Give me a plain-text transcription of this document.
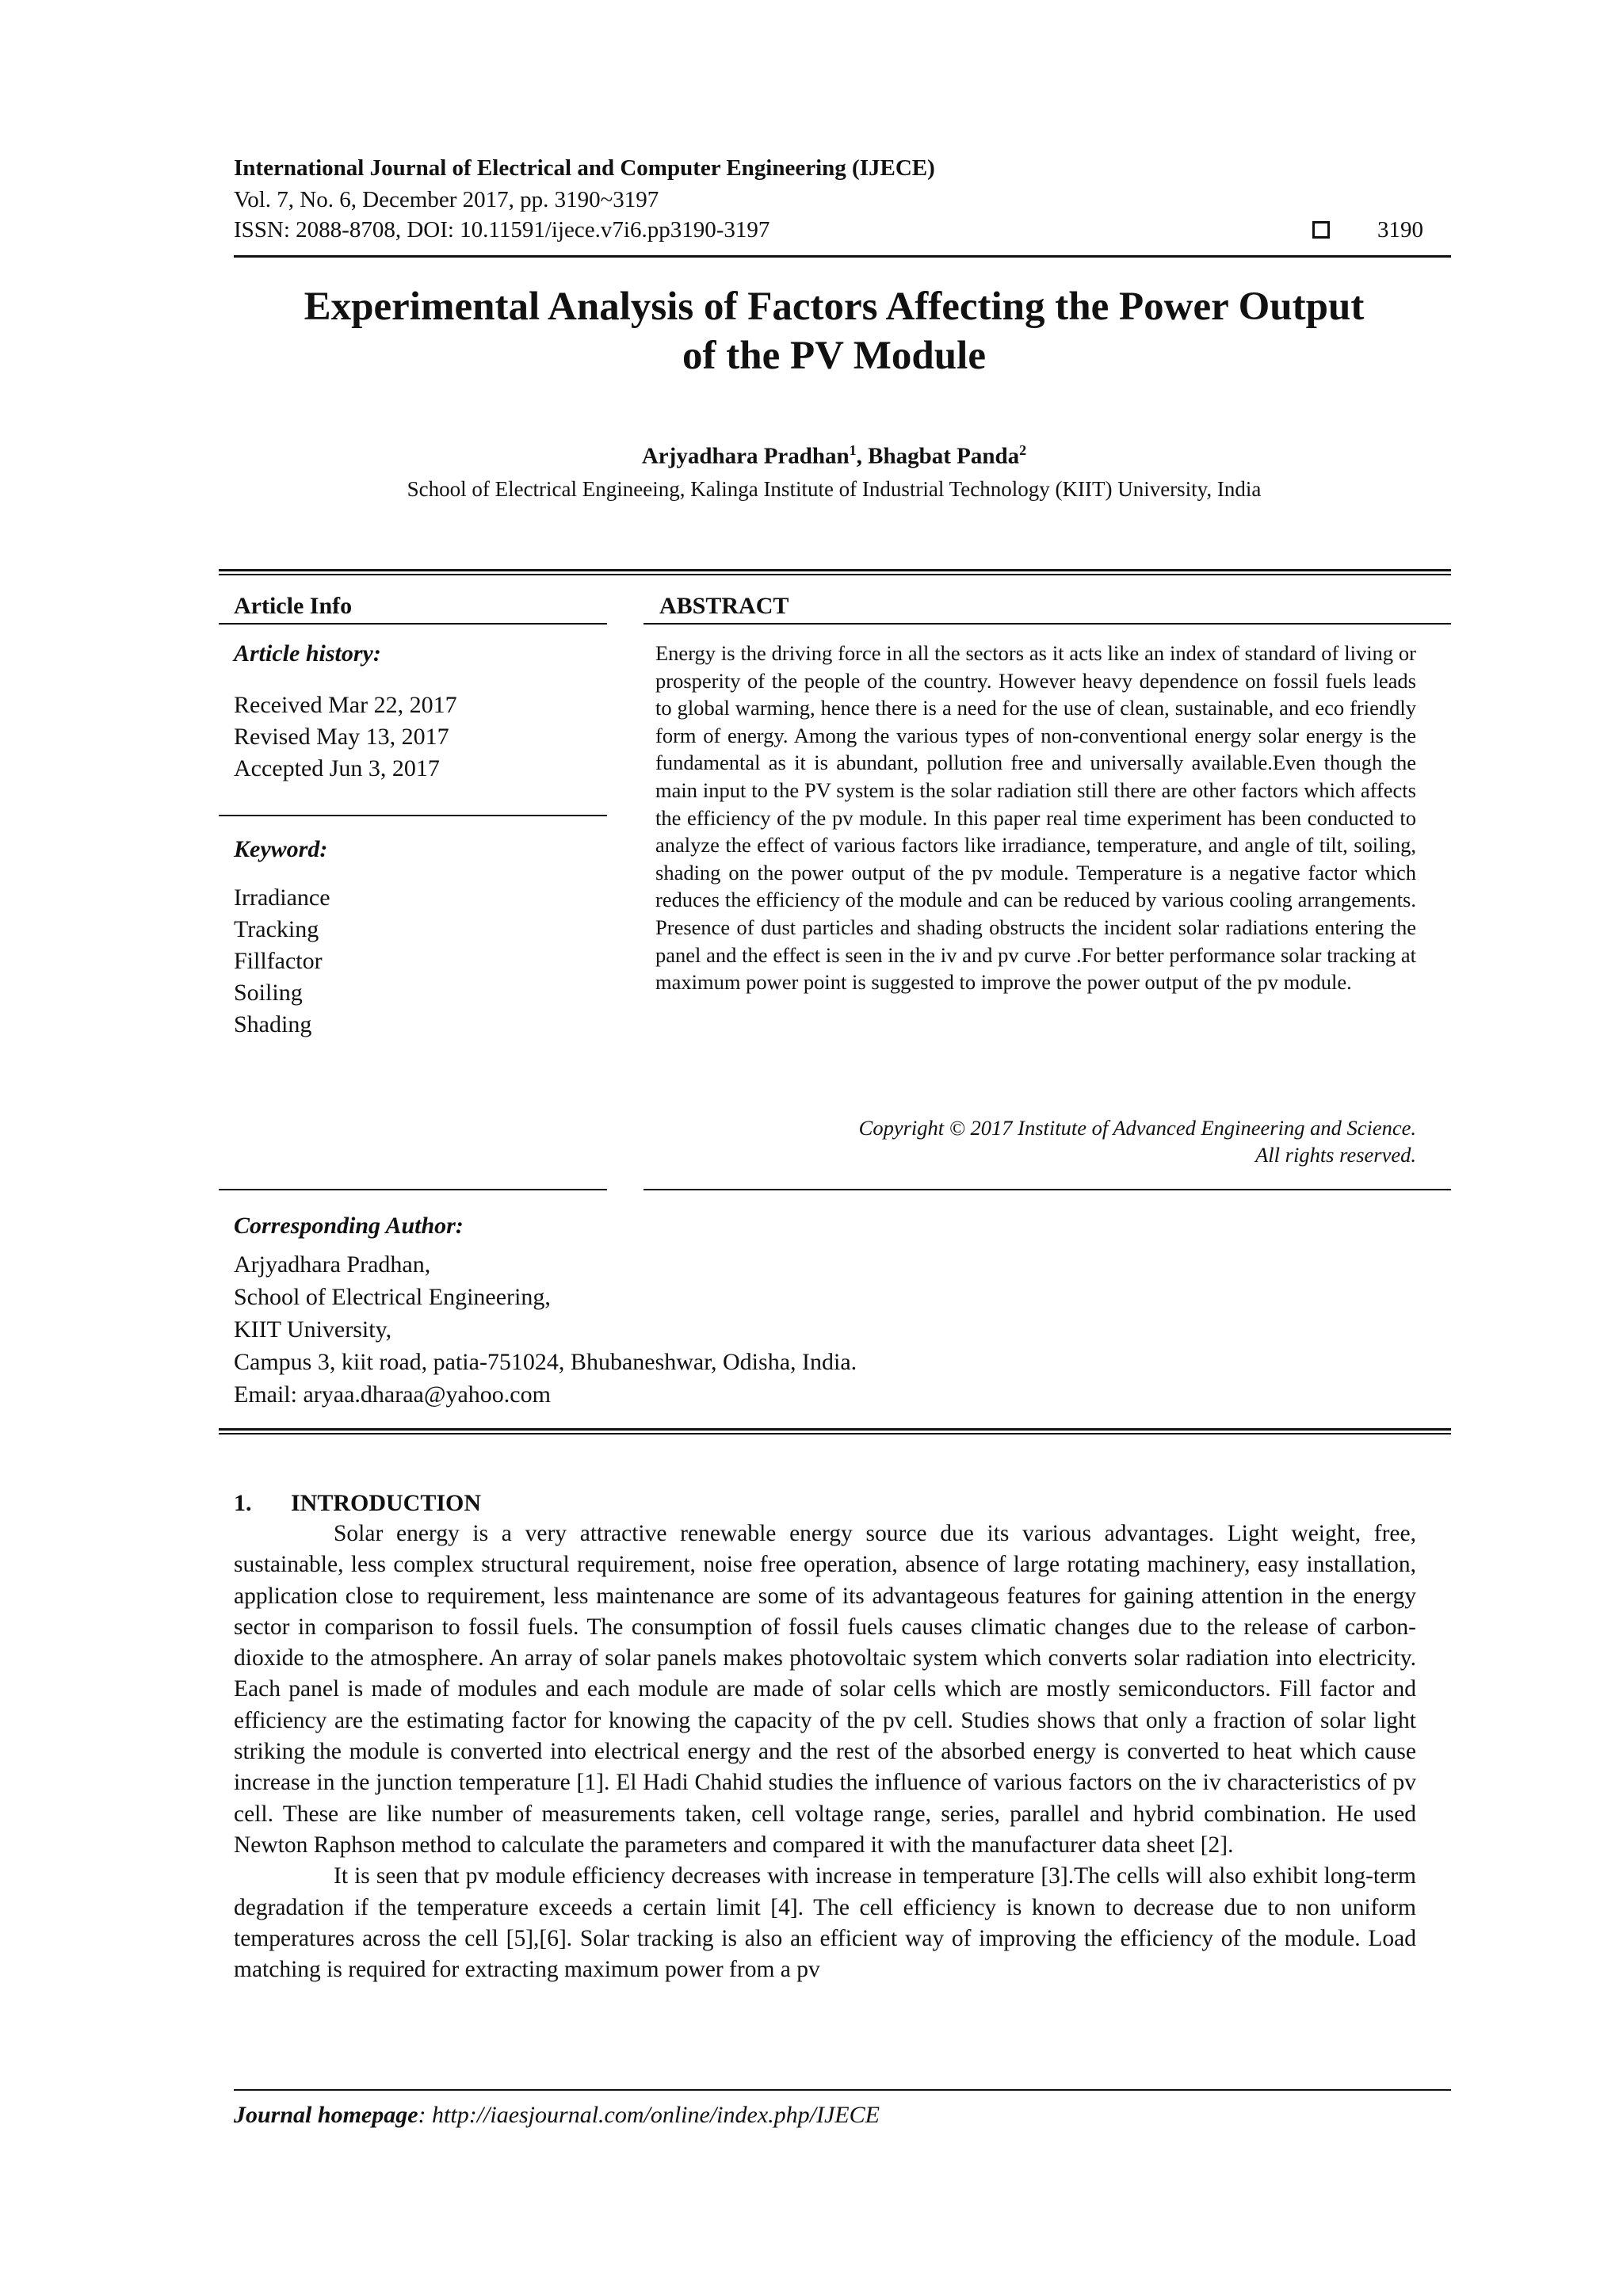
International Journal of Electrical and Computer Engineering (IJECE)
Vol. 7, No. 6, December 2017, pp. 3190~3197
ISSN: 2088-8708, DOI: 10.11591/ijece.v7i6.pp3190-3197	3190
Experimental Analysis of Factors Affecting the Power Output
of the PV Module
Arjyadhara Pradhan$^1$, Bhagbat Panda$^2$
School of Electrical Engineeing, Kalinga Institute of Industrial Technology (KIIT) University, India
Article Info
Article history:
Received Mar 22, 2017
Revised May 13, 2017
Accepted Jun 3, 2017
Keyword:
Irradiance
Tracking
Fillfactor
Soiling
Shading
ABSTRACT

Energy is the driving force in all the sectors as it acts like an index of standard of living or prosperity of the people of the country. However heavy dependence on fossil fuels leads to global warming, hence there is a need for the use of clean, sustainable, and eco friendly form of energy. Among the various types of non-conventional energy solar energy is the fundamental as it is abundant, pollution free and universally available.Even though the main input to the PV system is the solar radiation still there are other factors which affects the efficiency of the pv module. In this paper real time experiment has been conducted to analyze the effect of various factors like irradiance, temperature, and angle of tilt, soiling, shading on the power output of the pv module. Temperature is a negative factor which reduces the efficiency of the module and can be reduced by various cooling arrangements. Presence of dust particles and shading obstructs the incident solar radiations entering the panel and the effect is seen in the iv and pv curve .For better performance solar tracking at maximum power point is suggested to improve the power output of the pv module.

Copyright © 2017 Institute of Advanced Engineering and Science.
All rights reserved.
Corresponding Author:
Arjyadhara Pradhan,
School of Electrical Engineering,
KIIT University,
Campus 3, kiit road, patia-751024, Bhubaneshwar, Odisha, India.
Email: aryaa.dharaa@yahoo.com
1. INTRODUCTION

Solar energy is a very attractive renewable energy source due its various advantages. Light weight, free, sustainable, less complex structural requirement, noise free operation, absence of large rotating machinery, easy installation, application close to requirement, less maintenance are some of its advantageous features for gaining attention in the energy sector in comparison to fossil fuels. The consumption of fossil fuels causes climatic changes due to the release of carbon-dioxide to the atmosphere. An array of solar panels makes photovoltaic system which converts solar radiation into electricity. Each panel is made of modules and each module are made of solar cells which are mostly semiconductors. Fill factor and efficiency are the estimating factor for knowing the capacity of the pv cell. Studies shows that only a fraction of solar light striking the module is converted into electrical energy and the rest of the absorbed energy is converted to heat which cause increase in the junction temperature [1]. El Hadi Chahid studies the influence of various factors on the iv characteristics of pv cell. These are like number of measurements taken, cell voltage range, series, parallel and hybrid combination. He used Newton Raphson method to calculate the parameters and compared it with the manufacturer data sheet [2].

It is seen that pv module efficiency decreases with increase in temperature [3].The cells will also exhibit long-term degradation if the temperature exceeds a certain limit [4]. The cell efficiency is known to decrease due to non uniform temperatures across the cell [5],[6]. Solar tracking is also an efficient way of improving the efficiency of the module. Load matching is required for extracting maximum power from a pv

Journal homepage: http://iaesjournal.com/online/index.php/IJECE
